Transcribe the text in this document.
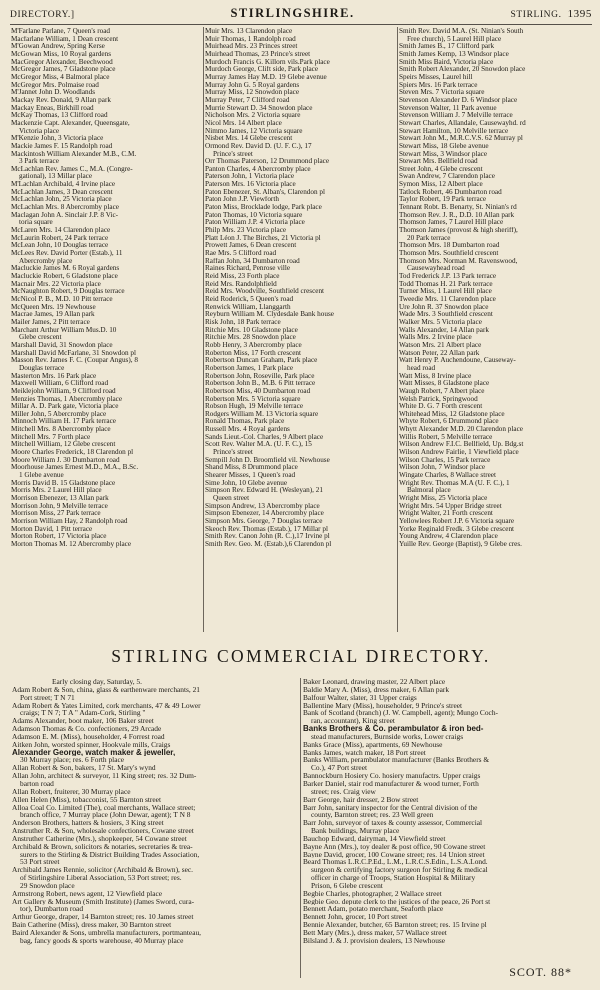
DIRECTORY.]	STIRLINGSHIRE.	STIRLING. 1395
M'Farlane Parlane, 7 Queen's road
Macfarlane William, 1 Dean crescent
M'Gowan Andrew, Spring Kerse
McGowan Miss, 10 Royal gardens
MacGregor Alexander, Beechwood
McGregor James, 7 Gladstone place
McGregor Miss, 4 Balmoral place
McGregor Mrs. Polmaise road
M'Jannet John D. Woodlands
Mackay Rev. Donald, 9 Allan park
Mackay Eneas, Birkhill road
McKay Thomas, 13 Clifford road
Mackenzie Capt. Alexander, Queensgate,
Victoria place
M'Kenzie John, 3 Victoria place
Mackie James F. 15 Randolph road
Mackintosh William Alexander M.B., C.M.
3 Park terrace
McLachlan Rev. James C., M.A. (Congre-
gational), 13 Millar place
M'Lachlan Archibald, 4 Irvine place
McLachlan James, 3 Dean crescent
McLachlan John, 25 Victoria place
McLachlan Mrs. 8 Abercromby place
Maclagan John A. Sinclair J.P. 8 Vic-
toria square
McLaren Mrs. 14 Clarendon place
McLaurin Robert, 24 Park terrace
McLean John, 10 Douglas terrace
McLees Rev. David Porter (Estab.), 11
Abercromby place
Macluckie James M. 6 Royal gardens
Macluckie Robert, 6 Gladstone place
Macnair Mrs. 22 Victoria place
McNaughton Robert, 9 Douglas terrace
McNicol P. B., M.D. 10 Pitt terrace
McQueen Mrs. 19 Newhouse
Macrae James, 19 Allan park
Mailer James, 2 Pitt terrace
Marchant Arthur William Mus.D. 10
Glebe crescent
Marshall David, 31 Snowdon place
Marshall David McFarlane, 31 Snowdon pl
Masson Rev. James F. C. (Coupar Angus), 8
Douglas terrace
Masterton Mrs. 16 Park place
Maxwell William, 6 Clifford road
Meiklejohn William, 9 Clifford road
Menzies Thomas, 1 Abercromby place
Millar A. D. Park gate, Victoria place
Miller John, 5 Abercromby place
Minnoch William H. 17 Park terrace
Mitchell Mrs. 8 Abercromby place
Mitchell Mrs. 7 Forth place
Mitchell William, 12 Glebe crescent
Moore Charles Frederick, 18 Clarendon pl
Moore William J. 30 Dumbarton road
Moorhouse James Ernest M.D., M.A., B.Sc.
1 Glebe avenue
Morris David B. 15 Gladstone place
Morris Mrs. 2 Laurel Hill place
Morrison Ebenezer, 13 Allan park
Morrison John, 9 Melville terrace
Morrison Miss, 27 Park terrace
Morrison William Hay, 2 Randolph road
Morton David, 1 Pitt terrace
Morton Robert, 17 Victoria place
Morton Thomas M. 12 Abercromby place
Muir Mrs. 13 Clarendon place
Muir Thomas, 1 Randolph road
Muirhead Mrs. 23 Princes street
Muirhead Thomas, 23 Prince's street
Murdoch Francis G. Killorn vils.Park place
Murdoch George, Clift side, Park place
Murray James Hay M.D. 19 Glebe avenue
Murray John G. 5 Royal gardens
Murray Miss, 12 Snowdon place
Murray Peter, 7 Clifford road
Murrie Stewart D. 34 Snowdon place
Nicholson Mrs. 2 Victoria square
Nicol Mrs. 14 Albert place
Nimmo James, 12 Victoria square
Nisbet Mrs. 14 Glebe crescent
Ormond Rev. David D. (U. F. C.), 17
Prince's street
Orr Thomas Paterson, 12 Drummond place
Panton Charles, 4 Abercromby place
Paterson John, 1 Victoria place
Paterson Mrs. 16 Victoria place
Paton Ebenezer, St. Alban's, Clarendon pl
Paton John J.P. Viewforth
Paton Miss, Brocklade lodge, Park place
Paton Thomas, 10 Victoria square
Paton William J.P. 4 Victoria place
Philp Mrs. 23 Victoria place
Platt Léon J. The Birches, 21 Victoria pl
Prowett James, 6 Dean crescent
Rae Mrs. 5 Clifford road
Raffan John, 34 Dumbarton road
Raines Richard, Penrose ville
Reid Miss, 23 Forth place
Reid Mrs. Randolphfield
Reid Mrs. Woodville, Southfield crescent
Reid Roderick, 5 Queen's road
Renwick William, Llanggarth
Reyburn William M. Clydesdale Bank house
Risk John, 18 Park terrace
Ritchie Mrs. 10 Gladstone place
Ritchie Mrs. 28 Snowdon place
Robb Henry, 3 Abercromby place
Roberton Miss, 17 Forth crescent
Robertson Duncan Graham, Park place
Robertson James, 1 Park place
Robertson John, Roseville, Park place
Robertson John B., M.B. 6 Pitt terrace
Robertson Miss, 40 Dumbarton road
Robertson Mrs. 5 Victoria square
Robson Hugh, 19 Melville terrace
Rodgers William M. 13 Victoria square
Ronald Thomas, Park place
Russell Mrs. 4 Royal gardens
Sands Lieut.-Col. Charles, 9 Albert place
Scott Rev. Walter M.A. (U. F. C.), 15
Prince's street
Sempill John D. Broomfield vil. Newhouse
Shand Miss, 8 Drummond place
Shearer Misses, 1 Queen's road
Sime John, 10 Glebe avenue
Simpson Rev. Edward H. (Wesleyan), 21
Queen street
Simpson Andrew, 13 Abercromby place
Simpson Ebenezer, 14 Abercromby place
Simpson Mrs. George, 7 Douglas terrace
Skeoch Rev. Thomas (Estab.), 17 Millar pl
Smith Rev. Canon John (R. C.),17 Irvine pl
Smith Rev. Geo. M. (Estab.),6 Clarendon pl
Smith Rev. David M.A. (St. Ninian's South
Free church), 5 Laurel Hill place
Smith James B., 17 Clifford park
Smith James Kemp, 13 Windsor place
Smith Miss Baird, Victoria place
Smith Robert Alexander, 20 Snowdon place
Speirs Misses, Laurel hill
Spiers Mrs. 16 Park terrace
Steven Mrs. 7 Victoria square
Stevenson Alexander D. 6 Windsor place
Stevenson Walter, 11 Park avenue
Stevenson William J. 7 Melville terrace
Stewart Charles, Allandale, Causewayhd. rd
Stewart Hamilton, 10 Melville terrace
Stewart John M., M.R.C.V.S. 62 Murray pl
Stewart Miss, 18 Glebe avenue
Stewart Miss, 3 Windsor place
Stewart Mrs. Bellfield road
Street John, 4 Glebe crescent
Swan Andrew, 7 Clarendon place
Symon Miss, 12 Albert place
Tatlock Robert, 46 Dumbarton road
Taylor Robert, 19 Park terrace
Tennant Robt. B. Benarty, St. Ninian's rd
Thomson Rev. J. R., D.D. 10 Allan park
Thomson James, 7 Laurel Hill place
Thomson James (provost & high sheriff),
20 Park terrace
Thomson Mrs. 18 Dumbarton road
Thomson Mrs. Southfield crescent
Thomson Mrs. Norman M. Ravenswood,
Causewayhead road
Tod Frederick J.P. 13 Park terrace
Todd Thomas H. 21 Park terrace
Turner Miss, 1 Laurel Hill place
Tweedie Mrs. 11 Clarendon place
Ure John R. 37 Snowdon place
Wade Mrs. 3 Southfield crescent
Walker Mrs. 5 Victoria place
Walls Alexander, 14 Allan park
Walls Mrs. 2 Irvine place
Watson Mrs. 21 Albert place
Watson Peter, 22 Allan park
Watt Henry P. Auchendoune, Causeway-
head road
Watt Miss, 8 Irvine place
Watt Misses, 8 Gladstone place
Waugh Robert, 7 Albert place
Welsh Patrick, Springwood
White D. G. 7 Forth crescent
Whitehead Miss, 12 Gladstone place
Whyte Robert, 6 Drummond place
Whytt Alexander M.D. 20 Clarendon place
Willis Robert, 5 Melville terrace
Wilson Andrew F.I.C. Bellfield, Up. Bdg.st
Wilson Andrew Fairlie, 1 Viewfield place
Wilson Charles, 15 Park terrace
Wilson John, 7 Windsor place
Wingate Charles, 8 Wallace street
Wright Rev. Thomas M.A (U. F. C.), 1
Balmoral place
Wright Miss, 25 Victoria place
Wright Mrs. 54 Upper Bridge street
Wright Walter, 21 Forth crescent
Yellowlees Robert J.P. 6 Victoria square
Yorke Reginald Fredk. 3 Glebe crescent
Young Andrew, 4 Clarendon place
Yuille Rev. George (Baptist), 9 Glebe cres.
STIRLING COMMERCIAL DIRECTORY.
Early closing day, Saturday, 5.
Adam Robert & Son, china, glass & earthenware merchants, 21
Port street; T N 71
Adam Robert & Yates Limited, cork merchants, 47 & 49 Lower
craigs; T N 7; T A " Adam-Cork, Stirling "
Adams Alexander, boot maker, 106 Baker street
Adamson Thomas & Co. confectioners, 29 Arcade
Adamson E. M. (Miss), householder, 4 Forrest road
Aitken John, worsted spinner, Hookvale mills, Craigs
Alexander George, watch maker & jeweller,
30 Murray place; res. 6 Forth place
Allan Robert & Son, bakers, 17 St. Mary's wynd
Allan John, architect & surveyor, 11 King street; res. 32 Dum-
barton road
Allan Robert, fruiterer, 30 Murray place
Allen Helen (Miss), tobacconist, 55 Barnton street
Alloa Coal Co. Limited (The), coal merchants, Wallace street;
branch office, 7 Murray place (John Dewar, agent); T N 8
Anderson Brothers, hatters & hosiers, 3 King street
Anstruther R. & Son, wholesale confectioners, Cowane street
Anstruther Catherine (Mrs.), shopkeeper, 54 Cowane street
Archibald & Brown, solicitors & notaries, secretaries & trea-
surers to the Stirling & District Building Trades Association,
53 Port street
Archibald James Rennie, solicitor (Archibald & Brown), sec.
of Stirlingshire Liberal Association, 53 Port street; res.
29 Snowdon place
Armstrong Robert, news agent, 12 Viewfield place
Art Gallery & Museum (Smith Institute) (James Sword, cura-
tor), Dumbarton road
Arthur George, draper, 14 Barnton street; res. 10 James street
Bain Catherine (Miss), dress maker, 30 Barnton street
Baird Alexander & Sons, umbrella manufacturers, portmanteau,
bag, fancy goods & sports warehouse, 40 Murray place
Baker Leonard, drawing master, 22 Albert place
Baldie Mary A. (Miss), dress maker, 6 Allan park
Balfour Walter, slater, 31 Upper craigs
Ballentine Mary (Miss), householder, 9 Prince's street
Bank of Scotland (branch) (J. W. Campbell, agent); Mungo Coch-
ran, accountant), King street
Banks Brothers & Co. perambulator & iron bed-
stead manufacturers, Burnside works, Lower craigs
Banks Grace (Miss), apartments, 69 Newhouse
Banks James, watch maker, 18 Port street
Banks William, perambulator manufacturer (Banks Brothers &
Co.), 47 Port street
Bannockburn Hosiery Co. hosiery manufactrs. Upper craigs
Barker Daniel, stair rod manufacturer & wood turner, Forth
street; res. Craig view
Barr George, hair dresser, 2 Bow street
Barr John, sanitary inspector for the Central division of the
county, Barnton street; res. 23 Well green
Barr John, surveyor of taxes & county assessor, Commercial
Bank buildings, Murray place
Bauchop Edward, dairyman, 14 Viewfield street
Bayne Ann (Mrs.), toy dealer & post office, 90 Cowane street
Bayne David, grocer, 100 Cowane street; res. 14 Union street
Beard Thomas L.R.C.P.Ed., L.M., L.R.C.S.Edin., L.S.A.Lond.
surgeon & certifying factory surgeon for Stirling & medical
officer in charge of Troops, Station Hospital & Military
Prison, 6 Glebe crescent
Begbie Charles, photographer, 2 Wallace street
Begbie Geo. depute clerk to the justices of the peace, 26 Port st
Bennett Adam, potato merchant, Seaforth place
Bennett John, grocer, 10 Port street
Bennie Alexander, butcher, 65 Barnton street; res. 15 Irvine pl
Bett Mary (Mrs.), dress maker, 57 Wallace street
Bilsland J. & J. provision dealers, 13 Newhouse
SCOT. 88*
